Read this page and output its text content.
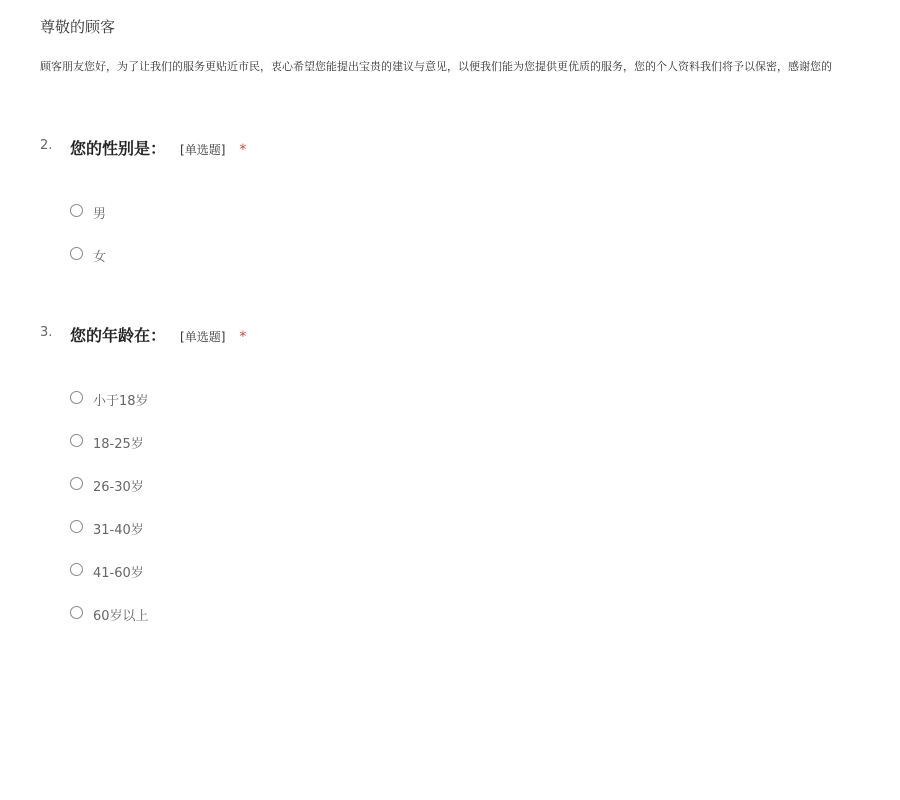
尊敬的顾客
顾客朋友您好，为了让我们的服务更贴近市民，衷心希望您能提出宝贵的建议与意见，以便我们能为您提供更优质的服务，您的个人资料我们将予以保密，感谢您的
2. 您的性别是： [单选题] *
男
女
3. 您的年龄在： [单选题] *
小于18岁
18-25岁
26-30岁
31-40岁
41-60岁
60岁以上
